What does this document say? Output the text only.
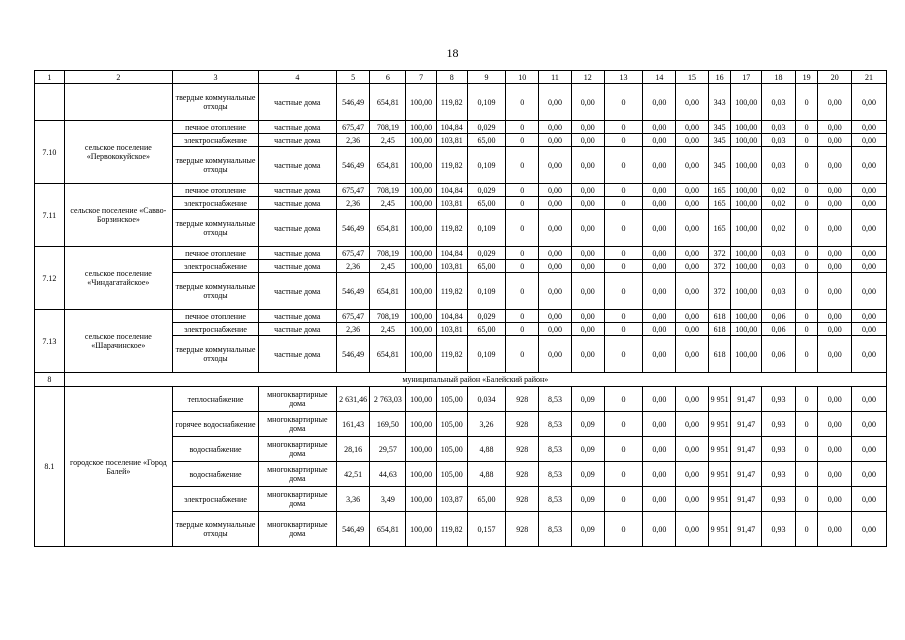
18
1	2	3	4	5	6	7	8	9	10	11	12	13	14	15	16	17	18	19	20	21
		твердые коммунальные отходы	частные дома	546,49	654,81	100,00	119,82	0,109	0	0,00	0,00	0	0,00	0,00	343	100,00	0,03	0	0,00	0,00
7.10	сельское поселение «Первококуйское»	печное отопление	частные дома	675,47	708,19	100,00	104,84	0,029	0	0,00	0,00	0	0,00	0,00	345	100,00	0,03	0	0,00	0,00
		электроснабжение	частные дома	2,36	2,45	100,00	103,81	65,00	0	0,00	0,00	0	0,00	0,00	345	100,00	0,03	0	0,00	0,00
		твердые коммунальные отходы	частные дома	546,49	654,81	100,00	119,82	0,109	0	0,00	0,00	0	0,00	0,00	345	100,00	0,03	0	0,00	0,00
7.11	сельское поселение «Савво-Борзинское»	печное отопление	частные дома	675,47	708,19	100,00	104,84	0,029	0	0,00	0,00	0	0,00	0,00	165	100,00	0,02	0	0,00	0,00
		электроснабжение	частные дома	2,36	2,45	100,00	103,81	65,00	0	0,00	0,00	0	0,00	0,00	165	100,00	0,02	0	0,00	0,00
		твердые коммунальные отходы	частные дома	546,49	654,81	100,00	119,82	0,109	0	0,00	0,00	0	0,00	0,00	165	100,00	0,02	0	0,00	0,00
7.12	сельское поселение «Чиндагатайское»	печное отопление	частные дома	675,47	708,19	100,00	104,84	0,029	0	0,00	0,00	0	0,00	0,00	372	100,00	0,03	0	0,00	0,00
		электроснабжение	частные дома	2,36	2,45	100,00	103,81	65,00	0	0,00	0,00	0	0,00	0,00	372	100,00	0,03	0	0,00	0,00
		твердые коммунальные отходы	частные дома	546,49	654,81	100,00	119,82	0,109	0	0,00	0,00	0	0,00	0,00	372	100,00	0,03	0	0,00	0,00
7.13	сельское поселение «Шарачинское»	печное отопление	частные дома	675,47	708,19	100,00	104,84	0,029	0	0,00	0,00	0	0,00	0,00	618	100,00	0,06	0	0,00	0,00
		электроснабжение	частные дома	2,36	2,45	100,00	103,81	65,00	0	0,00	0,00	0	0,00	0,00	618	100,00	0,06	0	0,00	0,00
		твердые коммунальные отходы	частные дома	546,49	654,81	100,00	119,82	0,109	0	0,00	0,00	0	0,00	0,00	618	100,00	0,06	0	0,00	0,00
8	муниципальный район «Балейский район»																			
8.1	городское поселение «Город Балей»	теплоснабжение	многоквартирные дома	2 631,46	2 763,03	100,00	105,00	0,034	928	8,53	0,09	0	0,00	0,00	9 951	91,47	0,93	0	0,00	0,00
		горячее водоснабжение	многоквартирные дома	161,43	169,50	100,00	105,00	3,26	928	8,53	0,09	0	0,00	0,00	9 951	91,47	0,93	0	0,00	0,00
		водоснабжение	многоквартирные дома	28,16	29,57	100,00	105,00	4,88	928	8,53	0,09	0	0,00	0,00	9 951	91,47	0,93	0	0,00	0,00
		водоснабжение	многоквартирные дома	42,51	44,63	100,00	105,00	4,88	928	8,53	0,09	0	0,00	0,00	9 951	91,47	0,93	0	0,00	0,00
		электроснабжение	многоквартирные дома	3,36	3,49	100,00	103,87	65,00	928	8,53	0,09	0	0,00	0,00	9 951	91,47	0,93	0	0,00	0,00
		твердые коммунальные отходы	многоквартирные дома	546,49	654,81	100,00	119,82	0,157	928	8,53	0,09	0	0,00	0,00	9 951	91,47	0,93	0	0,00	0,00
